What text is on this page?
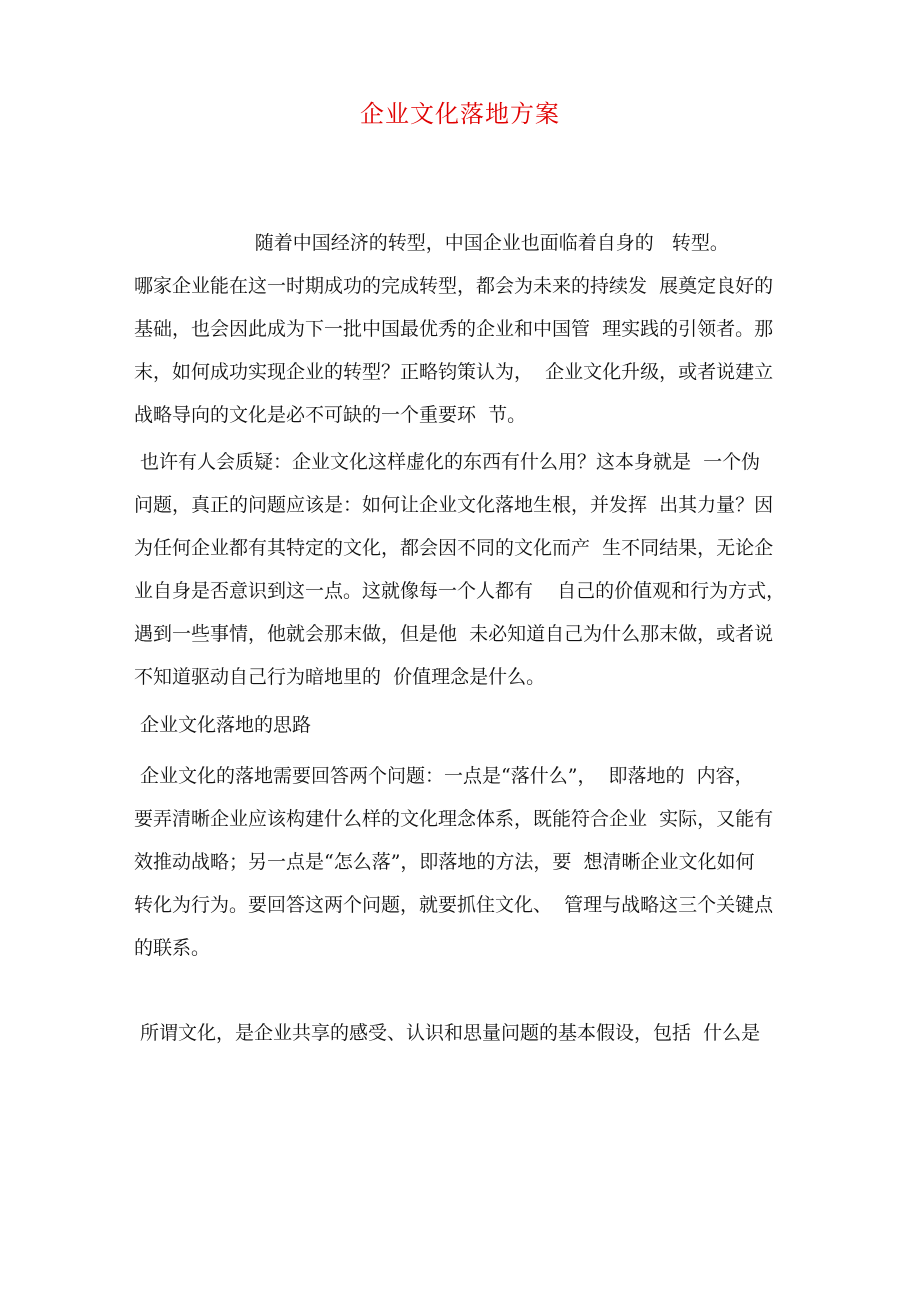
企业文化落地方案
随着中国经济的转型，中国企业也面临着自身的   转型。
哪家企业能在这一时期成功的完成转型，都会为未来的持续发  展奠定良好的
基础，也会因此成为下一批中国最优秀的企业和中国管  理实践的引领者。那
末，如何成功实现企业的转型？正略钧策认为，  企业文化升级，或者说建立
战略导向的文化是必不可缺的一个重要环  节。
也许有人会质疑：企业文化这样虚化的东西有什么用？这本身就是  一个伪
问题，真正的问题应该是：如何让企业文化落地生根，并发挥  出其力量？因
为任何企业都有其特定的文化，都会因不同的文化而产  生不同结果，无论企
业自身是否意识到这一点。这就像每一个人都有    自己的价值观和行为方式，
遇到一些事情，他就会那末做，但是他  未必知道自己为什么那末做，或者说
不知道驱动自己行为暗地里的  价值理念是什么。
企业文化落地的思路
企业文化的落地需要回答两个问题：一点是“落什么”，  即落地的  内容，
要弄清晰企业应该构建什么样的文化理念体系，既能符合企业  实际，又能有
效推动战略；另一点是“怎么落”，即落地的方法，要  想清晰企业文化如何
转化为行为。要回答这两个问题，就要抓住文化、  管理与战略这三个关键点
的联系。
所谓文化，是企业共享的感受、认识和思量问题的基本假设，包括  什么是
